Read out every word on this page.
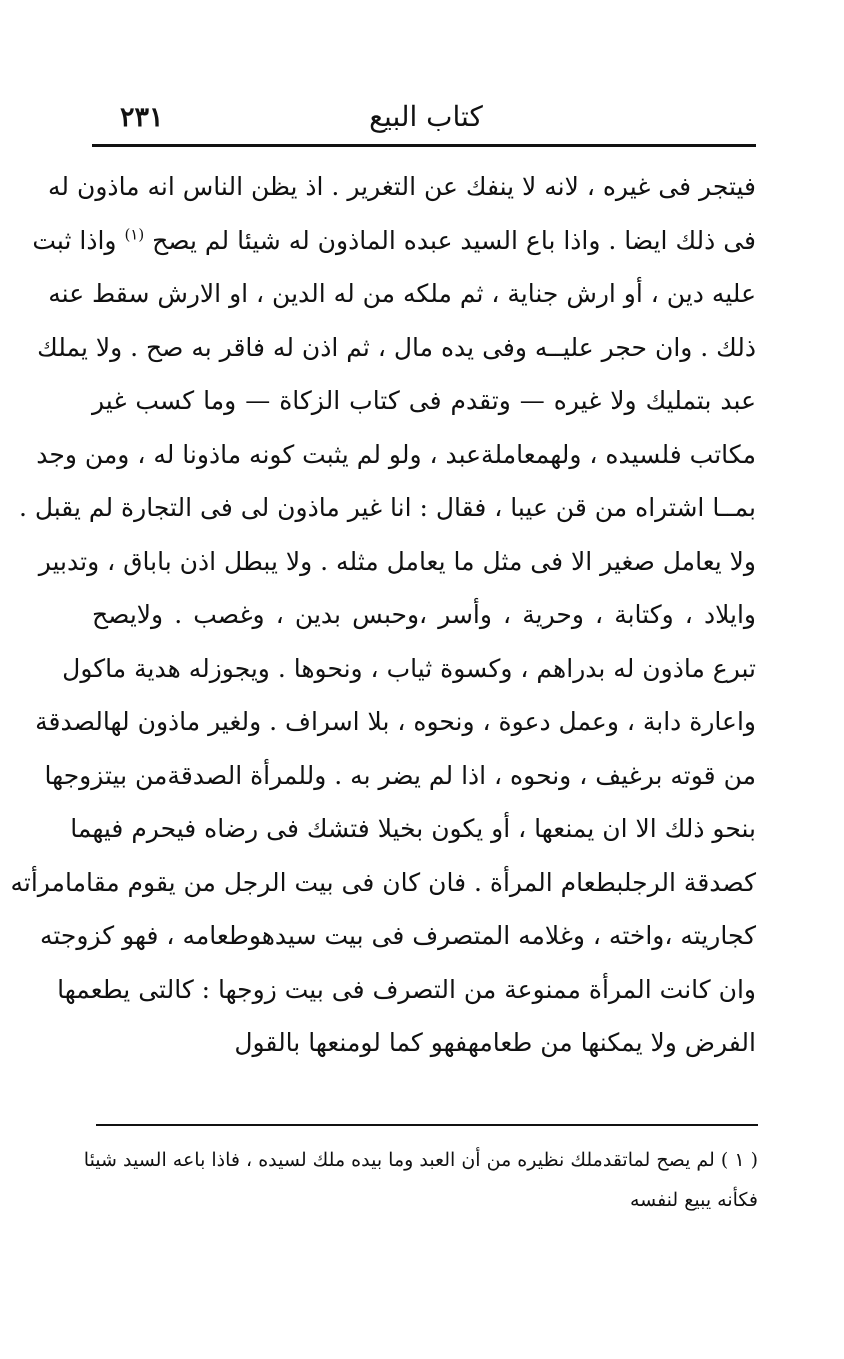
٢٣١	كتاب البيع
فيتجر فى غيره ، لانه لا ينفك عن التغرير . اذ يظن الناس انه ماذون له
فى ذلك ايضا . واذا باع السيد عبده الماذون له شيئا لم يصح $^{(١)}$ واذا ثبت
عليه دين ، أو ارش جناية ، ثم ملكه من له الدين ، او الارش سقط عنه
ذلك . وان حجر عليــه وفى يده مال ، ثم اذن له فاقر به صح . ولا يملك
عبد بتمليك ولا غيره — وتقدم فى كتاب الزكاة — وما كسب غير
مكاتب فلسيده ، ولهمعاملةعبد ، ولو لم يثبت كونه ماذونا له ، ومن وجد
بمــا اشتراه من قن عيبا ، فقال : انا غير ماذون لى فى التجارة لم يقبل .
ولا يعامل صغير الا فى مثل ما يعامل مثله . ولا يبطل اذن باباق ، وتدبير
وايلاد ، وكتابة ، وحرية ، وأسر ،وحبس بدين ، وغصب . ولايصح
تبرع ماذون له بدراهم ، وكسوة ثياب ، ونحوها . ويجوزله هدية ماكول
واعارة دابة ، وعمل دعوة ، ونحوه ، بلا اسراف . ولغير ماذون لهالصدقة
من قوته برغيف ، ونحوه ، اذا لم يضر به . وللمرأة الصدقةمن بيتزوجها
بنحو ذلك الا ان يمنعها ، أو يكون بخيلا فتشك فى رضاه فيحرم فيهما
كصدقة الرجلبطعام المرأة . فان كان فى بيت الرجل من يقوم مقامامرأته
كجاريته ،واخته ، وغلامه المتصرف فى بيت سيدهوطعامه ، فهو كزوجته
وان كانت المرأة ممنوعة من التصرف فى بيت زوجها : كالتى يطعمها
الفرض ولا يمكنها من طعامهفهو كما لومنعها بالقول
( ١ ) لم يصح لماتقدملك نظيره من أن العبد وما بيده ملك لسيده ، فاذا باعه السيد شيئا
فكأنه يبيع لنفسه
